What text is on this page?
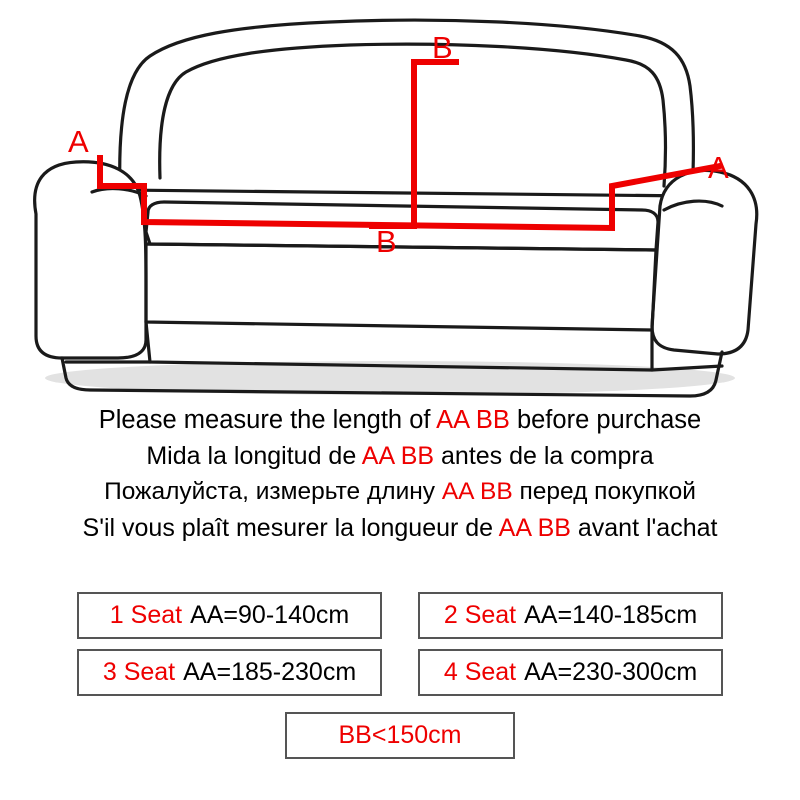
A
B
B
A
Please measure the length of AA BB before purchase
Mida la longitud de AA BB antes de la compra
Пожалуйста, измерьте длину AA BB перед покупкой
S'il vous plaît mesurer la longueur de AA BB avant l'achat
1 Seat AA=90-140cm	2 Seat AA=140-185cm
3 Seat AA=185-230cm	4 Seat AA=230-300cm
BB<150cm
